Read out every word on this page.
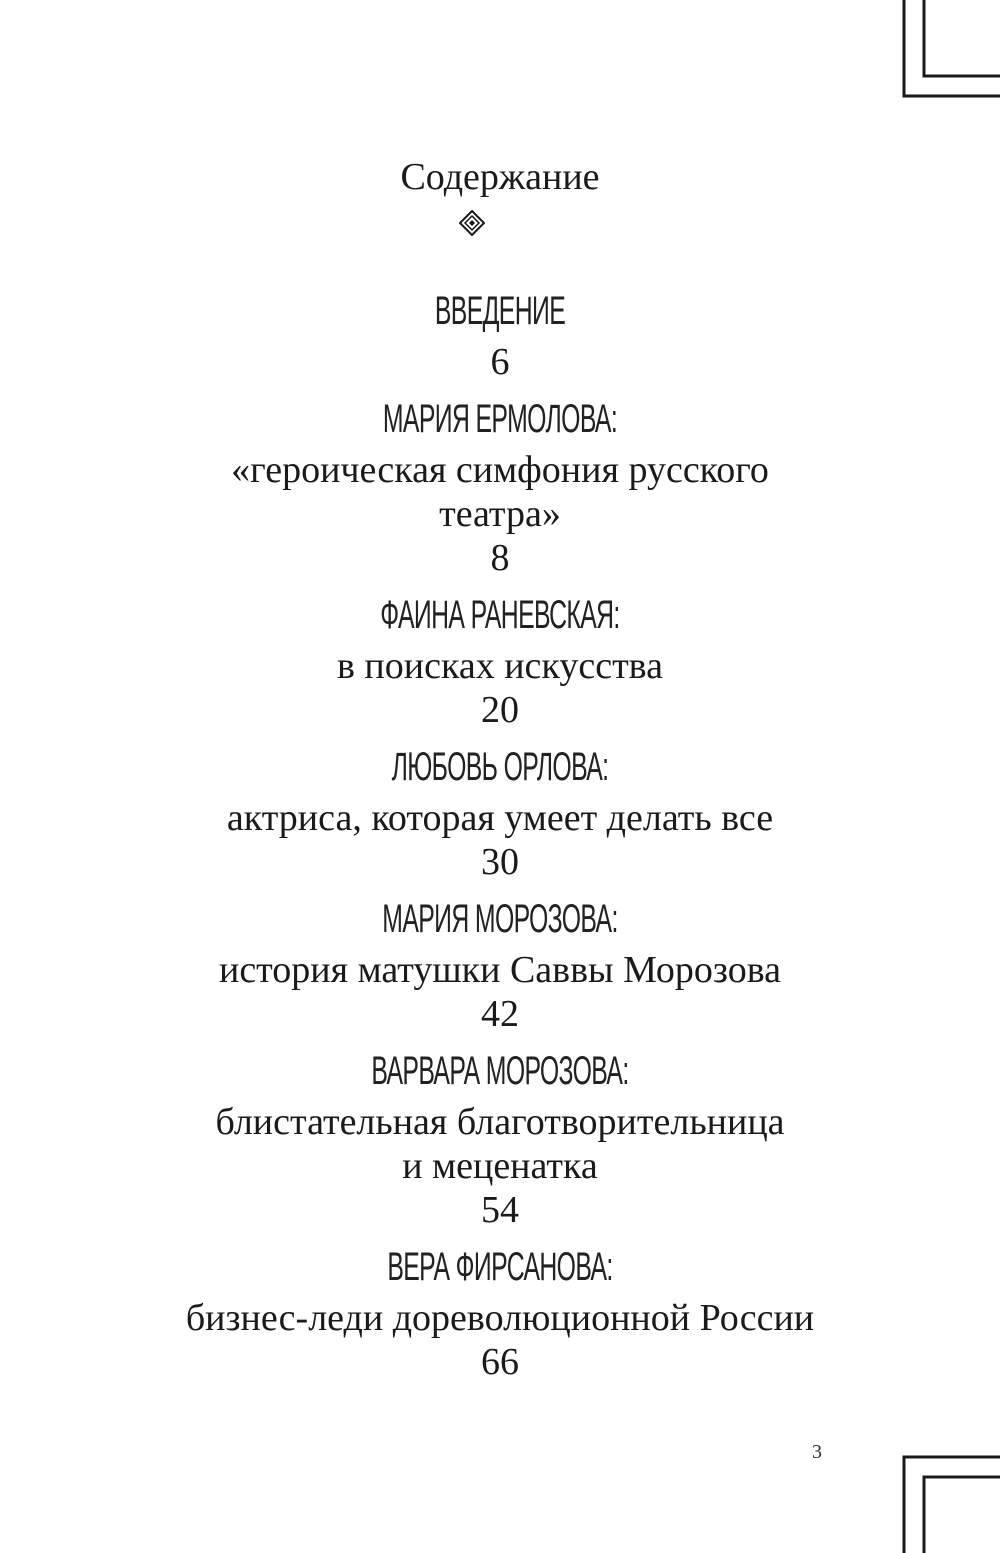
Содержание
ВВЕДЕНИЕ
6
МАРИЯ ЕРМОЛОВА:
«героическая симфония русского
театра»
8
ФАИНА РАНЕВСКАЯ:
в поисках искусства
20
ЛЮБОВЬ ОРЛОВА:
актриса, которая умеет делать все
30
МАРИЯ МОРОЗОВА:
история матушки Саввы Морозова
42
ВАРВАРА МОРОЗОВА:
блистательная благотворительница
и меценатка
54
ВЕРА ФИРСАНОВА:
бизнес-леди дореволюционной России
66
3
